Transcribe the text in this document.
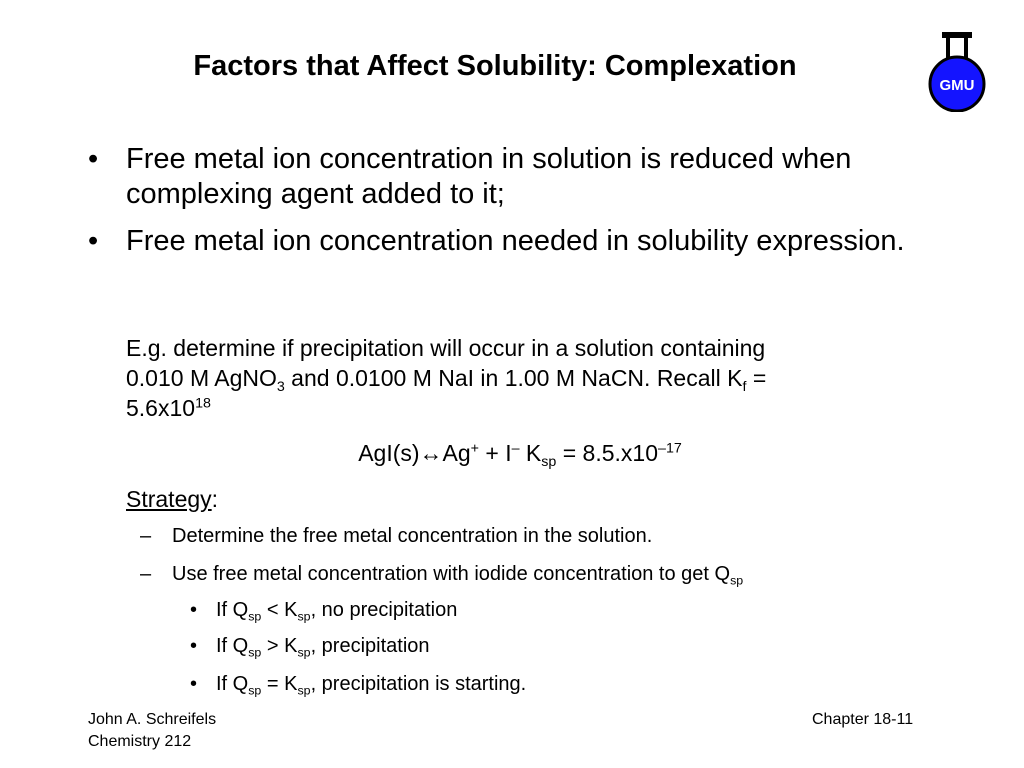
Factors that Affect Solubility: Complexation
GMU
• Free metal ion concentration in solution is reduced when complexing agent added to it;
• Free metal ion concentration needed in solubility expression.
E.g. determine if precipitation will occur in a solution containing
0.010 M AgNO$_3$ and 0.0100 M NaI in 1.00 M NaCN. Recall $K_f$ =
$5.6x10^{18}$
AgI(s)↔Ag+ + I– $K_{sp} = 8.5.x10^{-17}$
Strategy:
– Determine the free metal concentration in the solution.
– Use free metal concentration with iodide concentration to get $Q_{sp}$
• If $Q_{sp} < K_{sp}$, no precipitation
• If $Q_{sp} > K_{sp}$, precipitation
• If $Q_{sp} = K_{sp}$, precipitation is starting.
John A. Schreifels
Chemistry 212
Chapter 18-11
